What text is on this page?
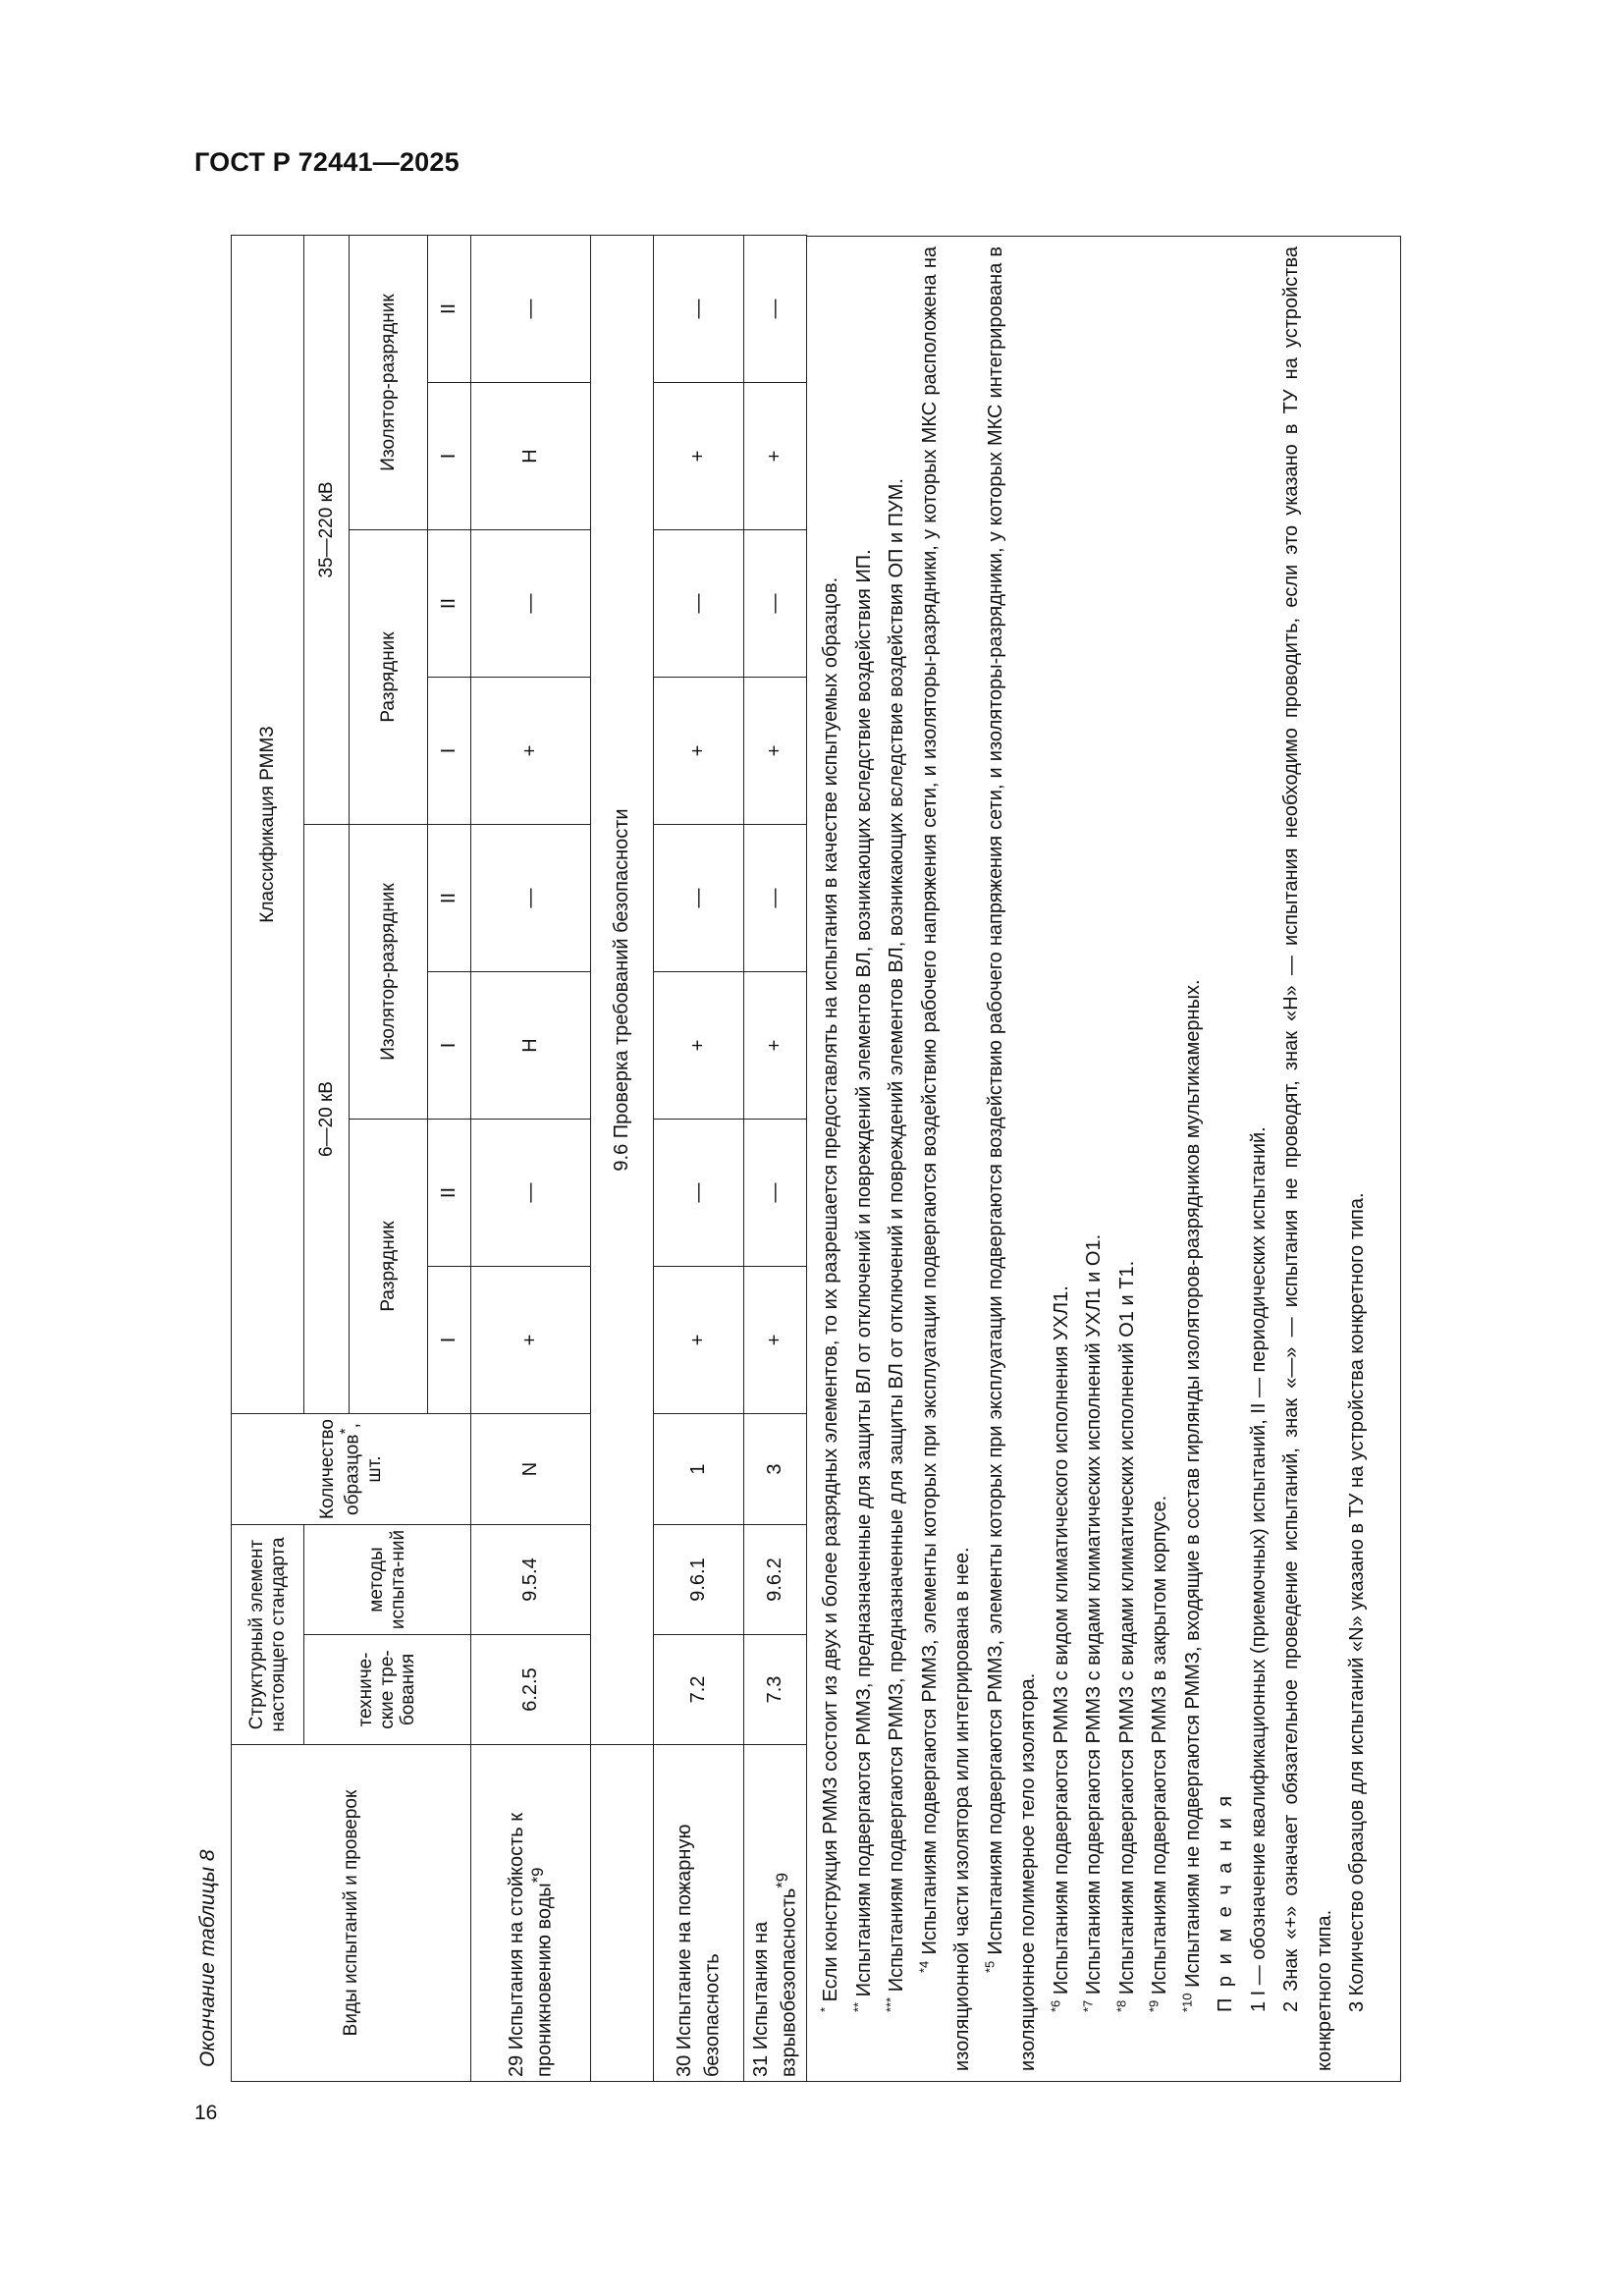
ГОСТ Р 72441—2025
16
Окончание таблицы 8	Виды испытаний и проверок	Структурный элемент настоящего стандарта		Количество образцов*, шт.	Классификация РММЗ							
	техниче-ские тре-бования	методы испыта-ний		6—20 кВ				35—220 кВ			
				Разрядник		Изолятор-разрядник		Разрядник		Изолятор-разрядник	
				I	II	I	II	I	II	I	II
29 Испытания на стойкость к проникновению воды$^{*9}$	6.2.5	9.5.4	N	+	—	Н	—	+	—	Н	—
	9.6 Проверка требований безопасности										
30 Испытание на пожарную безопасность	7.2	9.6.1	1	+	—	+	—	+	—	+	—
31 Испытания на взрывобезопасность$^{*9}$	7.3	9.6.2	3	+	—	+	—	+	—	+	—

* Если конструкция РММЗ состоит из двух и более разрядных элементов, то их разрешается предоставлять на испытания в качестве испытуемых образцов.

** Испытаниям подвергаются РММЗ, предназначенные для защиты ВЛ от отключений и повреждений элементов ВЛ, возникающих вследствие воздействия ИП.

*** Испытаниям подвергаются РММЗ, предназначенные для защиты ВЛ от отключений и повреждений элементов ВЛ, возникающих вследствие воздействия ОП и ПУМ. $^{*4}$ Испытаниям подвергаются РММЗ, элементы которых при эксплуатации подвергаются воздействию рабочего напряжения сети, и изоляторы-разрядники, у которых МКС расположена на изоляционной части изолятора или интегрирована в нее. $^{*5}$ Испытаниям подвергаются РММЗ, элементы которых при эксплуатации подвергаются воздействию рабочего напряжения сети, и изоляторы-разрядники, у которых МКС интегрирована в изоляционное полимерное тело изолятора. $^{*6}$ Испытаниям подвергаются РММЗ с видом климатического исполнения УХЛ1.

$^{*7}$ Испытаниям подвергаются РММЗ с видами климатических исполнений УХЛ1 и О1.

$^{*8}$ Испытаниям подвергаются РММЗ с видами климатических исполнений О1 и Т1.

$^{*9}$ Испытаниям подвергаются РММЗ в закрытом корпусе.

$^{*10}$ Испытаниям не подвергаются РММЗ, входящие в состав гирлянды изоляторов-разрядников мультикамерных. П р и м е ч а н и я 1 I — обозначение квалификационных (приемочных) испытаний, II — периодических испытаний. 2 Знак «+» означает обязательное проведение испытаний, знак «—» — испытания не проводят, знак «Н» — испытания необходимо проводить, если это указано в ТУ на устройства конкретного типа. 3 Количество образцов для испытаний «N» указано в ТУ на устройства конкретного типа.
